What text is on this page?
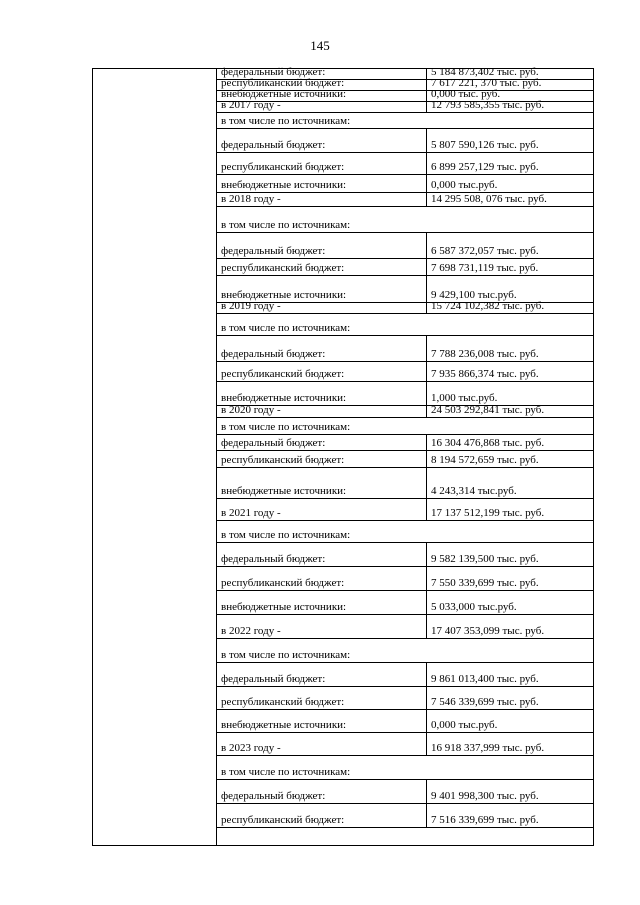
145
федеральный бюджет:	5 184 873,402 тыс. руб.
республиканский бюджет:	7 617 221, 370 тыс. руб.
внебюджетные источники:	0,000 тыс. руб.
в 2017 году -	12 793 585,355 тыс. руб.
в том числе по источникам:
федеральный бюджет:	5 807 590,126 тыс. руб.
республиканский бюджет:	6 899 257,129 тыс. руб.
внебюджетные источники:	0,000 тыс.руб.
в 2018 году -	14 295 508, 076 тыс. руб.
в том числе по источникам:
федеральный бюджет:	6 587 372,057 тыс. руб.
республиканский бюджет:	7 698 731,119 тыс. руб.
внебюджетные источники:	9 429,100 тыс.руб.
в 2019 году -	15 724 102,382 тыс. руб.
в том числе по источникам:
федеральный бюджет:	7 788 236,008 тыс. руб.
республиканский бюджет:	7 935 866,374 тыс. руб.
внебюджетные источники:	1,000 тыс.руб.
в 2020 году -	24 503 292,841 тыс. руб.
в том числе по источникам:
федеральный бюджет:	16 304 476,868 тыс. руб.
республиканский бюджет:	8 194 572,659 тыс. руб.
внебюджетные источники:	4 243,314 тыс.руб.
в 2021 году -	17 137 512,199 тыс. руб.
в том числе по источникам:
федеральный бюджет:	9 582 139,500 тыс. руб.
республиканский бюджет:	7 550 339,699 тыс. руб.
внебюджетные источники:	5 033,000 тыс.руб.
в 2022 году -	17 407 353,099 тыс. руб.
в том числе по источникам:
федеральный бюджет:	9 861 013,400 тыс. руб.
республиканский бюджет:	7 546 339,699 тыс. руб.
внебюджетные источники:	0,000 тыс.руб.
в 2023 году -	16 918 337,999 тыс. руб.
в том числе по источникам:
федеральный бюджет:	9 401 998,300 тыс. руб.
республиканский бюджет:	7 516 339,699 тыс. руб.
